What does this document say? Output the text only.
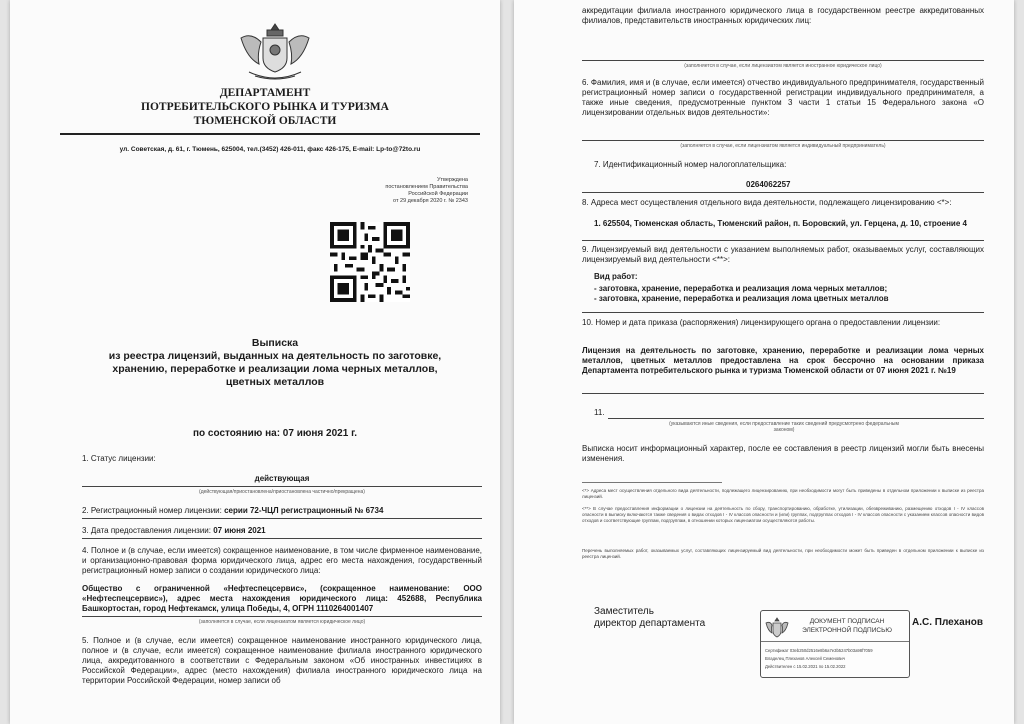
ДЕПАРТАМЕНТ
ПОТРЕБИТЕЛЬСКОГО РЫНКА И ТУРИЗМА
ТЮМЕНСКОЙ ОБЛАСТИ
ул. Советская, д. 61, г. Тюмень, 625004, тел.(3452) 426-011, факс 426-175, E-mail: Lp-to@72to.ru
Утверждена
постановлением Правительства
Российской Федерации
от 29 декабря 2020 г. № 2343
Выписка
из реестра лицензий, выданных на деятельность по заготовке,
хранению, переработке и реализации лома черных металлов,
цветных металлов
по состоянию на: 07 июня 2021 г.
1. Статус лицензии:
действующая
(действующая/приостановлена/приостановлена частично/прекращена)
2. Регистрационный номер лицензии: серии 72-ЧЦЛ регистрационный № 6734
3. Дата предоставления лицензии: 07 июня 2021
4. Полное и (в случае, если имеется) сокращенное наименование, в том числе фирменное наименование, и организационно-правовая форма юридического лица, адрес его места нахождения, государственный регистрационный номер записи о создании юридического лица:
Общество с ограниченной «Нефтеспецсервис», (сокращенное наименование: ООО «Нефтеспецсервис»), адрес места нахождения юридического лица: 452688, Республика Башкортостан, город Нефтекамск, улица Победы, 4, ОГРН 1110264001407
(заполняется в случае, если лицензиатом является юридическое лицо)
5. Полное и (в случае, если имеется) сокращенное наименование иностранного юридического лица, полное и (в случае, если имеется) сокращенное наименование филиала иностранного юридического лица, аккредитованного в соответствии с Федеральным законом «Об иностранных инвестициях в Российской Федерации», адрес (место нахождения) филиала иностранного юридического лица на территории Российской Федерации, номер записи об
аккредитации филиала иностранного юридического лица в государственном реестре аккредитованных филиалов, представительств иностранных юридических лиц:
(заполняется в случае, если лицензиатом является иностранное юридическое лицо)
6. Фамилия, имя и (в случае, если имеется) отчество индивидуального предпринимателя, государственный регистрационный номер записи о государственной регистрации индивидуального предпринимателя, а также иные сведения, предусмотренные пунктом 3 части 1 статьи 15 Федерального закона «О лицензировании отдельных видов деятельности»:
(заполняется в случае, если лицензиатом является индивидуальный предприниматель)
7. Идентификационный номер налогоплательщика:
0264062257
8. Адреса мест осуществления отдельного вида деятельности, подлежащего лицензированию <*>:
1. 625504, Тюменская область, Тюменский район, п. Боровский, ул. Герцена, д. 10, строение 4
9. Лицензируемый вид деятельности с указанием выполняемых работ, оказываемых услуг, составляющих лицензируемый вид деятельности <**>:
Вид работ:
- заготовка, хранение, переработка и реализация лома черных металлов;
- заготовка, хранение, переработка и реализация лома цветных металлов
10. Номер и дата приказа (распоряжения) лицензирующего органа о предоставлении лицензии:
Лицензия на деятельность по заготовке, хранению, переработке и реализации лома черных металлов, цветных металлов предоставлена на срок бессрочно на основании приказа Департамента потребительского рынка и туризма Тюменской области от 07 июня 2021 г. №19
11.
(указываются иные сведения, если предоставление таких сведений предусмотрено федеральным законом)
Выписка носит информационный характер, после ее составления в реестр лицензий могли быть внесены изменения.
<*> Адреса мест осуществления отдельного вида деятельности, подлежащего лицензированию, при необходимости могут быть приведены в отдельном приложении к выписке из реестра лицензий.
<**> В случае предоставления информации о лицензии на деятельность по сбору, транспортированию, обработке, утилизации, обезвреживанию, размещению отходов I - IV классов опасности в выписку включаются также сведения о видах отходов I - IV классов опасности и (или) группах, подгруппах отходов I - IV классов опасности с указанием классов опасности видов отходов и соответствующие группам, подгруппам, в отношении которых лицензиатом осуществляются работы.
Перечень выполняемых работ, оказываемых услуг, составляющих лицензируемый вид деятельности, при необходимости может быть приведен в отдельном приложении к выписке из реестра лицензий.
Заместитель
директор департамента	ДОКУМЕНТ ПОДПИСАН
ЭЛЕКТРОННОЙ ПОДПИСЬЮ
Сертификат 03eb250d2516e8b6a7e3b5247b03a98f7059
Владелец Плеханов Алексей Семенович
Действителен с 15.02.2021 по 15.02.2022
А.С. Плеханов
